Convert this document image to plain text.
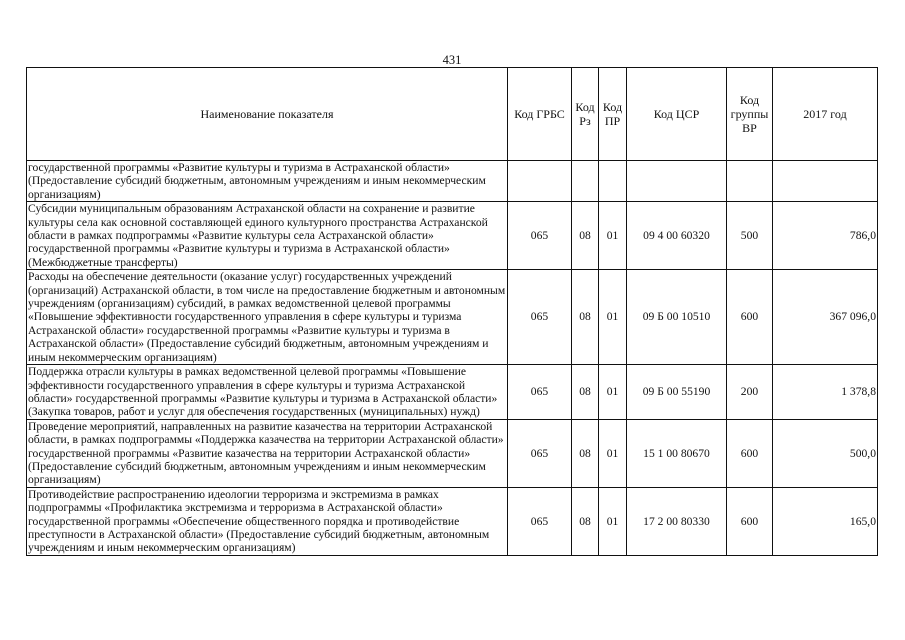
431
Наименование показателя	Код ГРБС	Код Рз	Код ПР	Код ЦСР	Код группы ВР	2017 год
государственной программы «Развитие культуры и туризма в Астраханской области» (Предоставление субсидий бюджетным, автономным учреждениям и иным некоммерческим организациям)						
Субсидии муниципальным образованиям Астраханской области на сохранение и развитие культуры села как основной составляющей единого культурного пространства Астраханской области в рамках подпрограммы «Развитие культуры села Астраханской области» государственной программы «Развитие культуры и туризма в Астраханской области» (Межбюджетные трансферты)	065	08	01	09 4 00 60320	500	786,0
Расходы на обеспечение деятельности (оказание услуг) государственных учреждений (организаций) Астраханской области, в том числе на предоставление бюджетным и автономным учреждениям (организациям) субсидий, в рамках ведомственной целевой программы «Повышение эффективности государственного управления в сфере культуры и туризма Астраханской области» государственной программы «Развитие культуры и туризма в Астраханской области» (Предоставление субсидий бюджетным, автономным учреждениям и иным некоммерческим организациям)	065	08	01	09 Б 00 10510	600	367 096,0
Поддержка отрасли культуры в рамках ведомственной целевой программы «Повышение эффективности государственного управления в сфере культуры и туризма Астраханской области» государственной программы «Развитие культуры и туризма в Астраханской области» (Закупка товаров, работ и услуг для обеспечения государственных (муниципальных) нужд)	065	08	01	09 Б 00 55190	200	1 378,8
Проведение мероприятий, направленных на развитие казачества на территории Астраханской области, в рамках подпрограммы «Поддержка казачества на территории Астраханской области» государственной программы «Развитие казачества на территории Астраханской области» (Предоставление субсидий бюджетным, автономным учреждениям и иным некоммерческим организациям)	065	08	01	15 1 00 80670	600	500,0
Противодействие распространению идеологии терроризма и экстремизма в рамках подпрограммы «Профилактика экстремизма и терроризма в Астраханской области» государственной программы «Обеспечение общественного порядка и противодействие преступности в Астраханской области» (Предоставление субсидий бюджетным, автономным учреждениям и иным некоммерческим организациям)	065	08	01	17 2 00 80330	600	165,0
